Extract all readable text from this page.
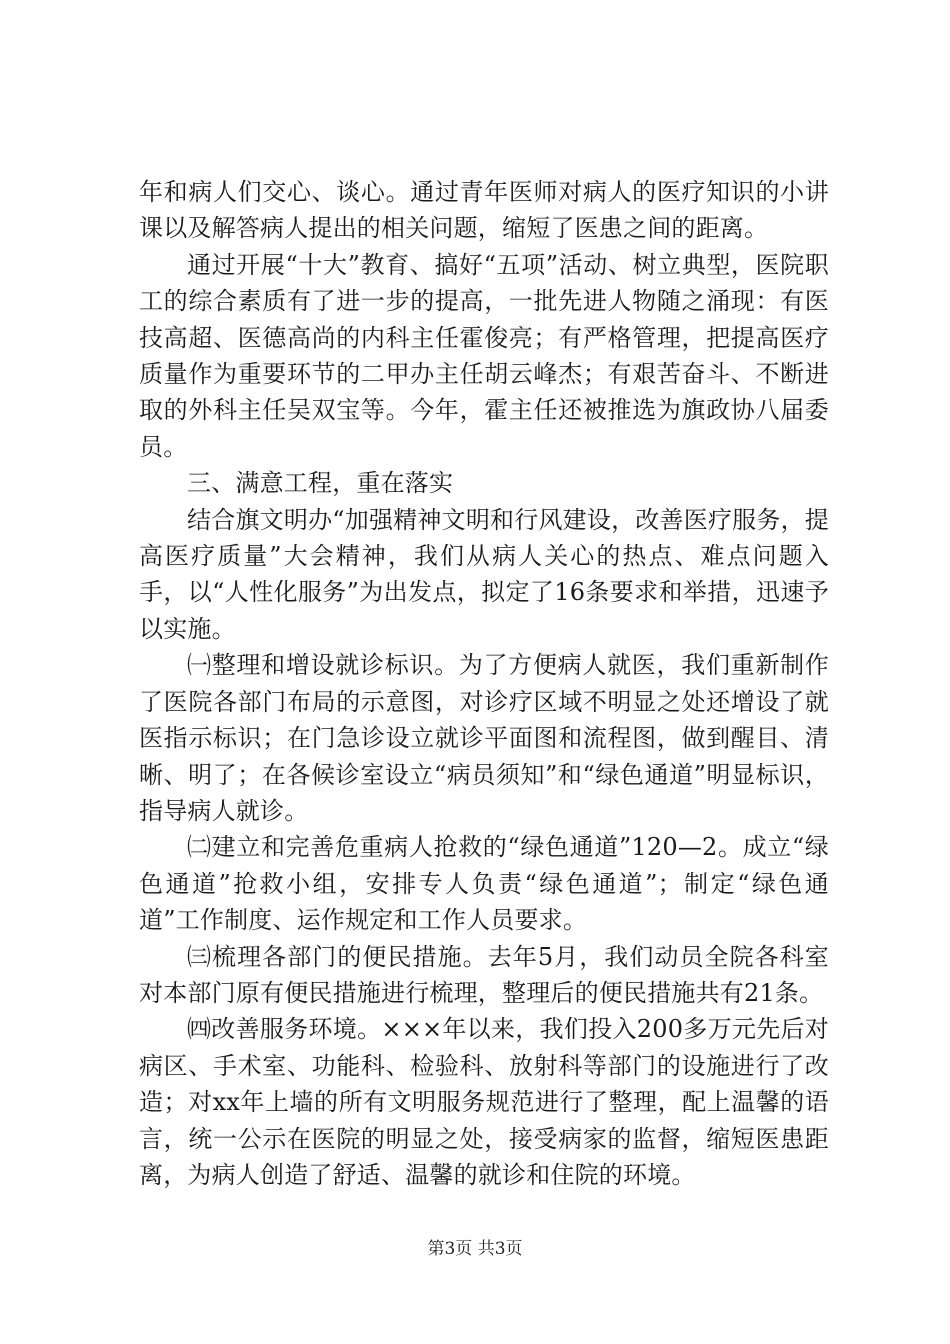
年和病人们交心、谈心。通过青年医师对病人的医疗知识的小讲课以及解答病人提出的相关问题，缩短了医患之间的距离。

通过开展“十大”教育、搞好“五项”活动、树立典型，医院职工的综合素质有了进一步的提高，一批先进人物随之涌现：有医技高超、医德高尚的内科主任霍俊亮；有严格管理，把提高医疗质量作为重要环节的二甲办主任胡云峰杰；有艰苦奋斗、不断进取的外科主任吴双宝等。今年，霍主任还被推选为旗政协八届委员。

三、满意工程，重在落实

结合旗文明办“加强精神文明和行风建设，改善医疗服务，提高医疗质量”大会精神，我们从病人关心的热点、难点问题入手，以“人性化服务”为出发点，拟定了16条要求和举措，迅速予以实施。

㈠整理和增设就诊标识。为了方便病人就医，我们重新制作了医院各部门布局的示意图，对诊疗区域不明显之处还增设了就医指示标识；在门急诊设立就诊平面图和流程图，做到醒目、清晰、明了；在各候诊室设立“病员须知”和“绿色通道”明显标识，指导病人就诊。

㈡建立和完善危重病人抢救的“绿色通道”120—2。成立“绿色通道”抢救小组，安排专人负责“绿色通道”；制定“绿色通道”工作制度、运作规定和工作人员要求。

㈢梳理各部门的便民措施。去年5月，我们动员全院各科室对本部门原有便民措施进行梳理，整理后的便民措施共有21条。

㈣改善服务环境。×××年以来，我们投入200多万元先后对病区、手术室、功能科、检验科、放射科等部门的设施进行了改造；对xx年上墙的所有文明服务规范进行了整理，配上温馨的语言，统一公示在医院的明显之处，接受病家的监督，缩短医患距离，为病人创造了舒适、温馨的就诊和住院的环境。

第3页 共3页
